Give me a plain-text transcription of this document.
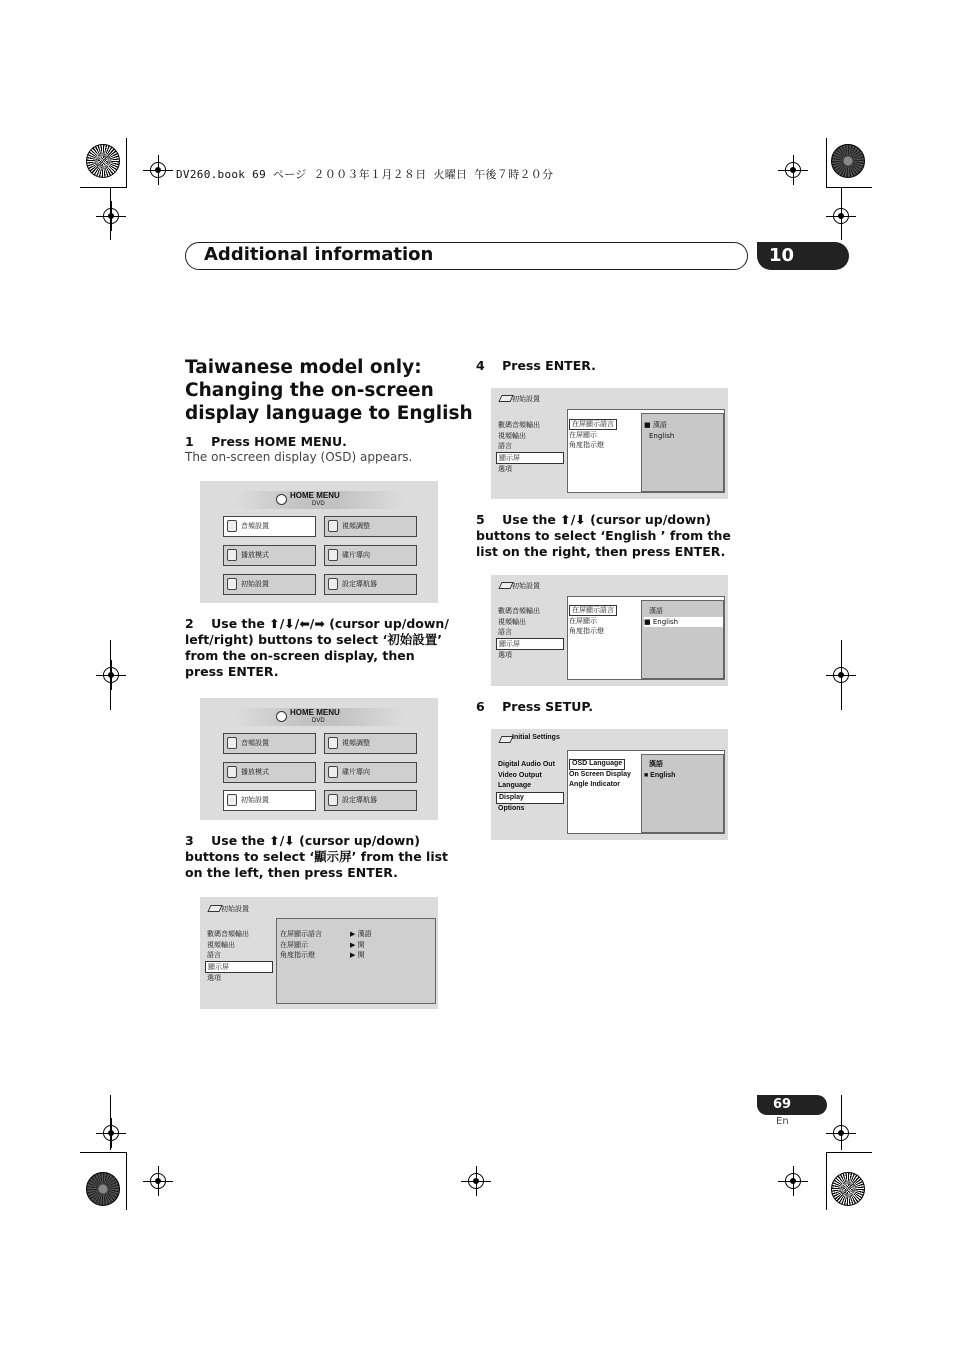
DV260.book 69 ページ ２００３年１月２８日 火曜日 午後７時２０分
Additional information	10
Taiwanese model only: Changing the on-screen display language to English
1 Press HOME MENU.
The on-screen display (OSD) appears.
HOME MENU
DVD
音頻設置	視頻調整
播放模式	碟片導向
初始設置	設定導航器
2 Use the ⬆/⬇/⬅/➡ (cursor up/down/ left/right) buttons to select ‘初始設置’ from the on-screen display, then press ENTER.
HOME MENU
DVD
音頻設置	視頻調整
播放模式	碟片導向
初始設置	設定導航器
3 Use the ⬆/⬇ (cursor up/down) buttons to select ‘顯示屏’ from the list on the left, then press ENTER.
初始設置
數碼音頻輸出
視頻輸出
語言
顯示屏
選項
在屏顯示語言
在屏顯示
角度指示燈
▶ 漢語
▶ 開
▶ 開
4 Press ENTER.
初始設置
數碼音頻輸出
視頻輸出
語言
顯示屏
選項
在屏顯示語言
在屏顯示
角度指示燈
■ 漢語
English
5 Use the ⬆/⬇ (cursor up/down) buttons to select ‘English ’ from the list on the right, then press ENTER.
初始設置
數碼音頻輸出
視頻輸出
語言
顯示屏
選項
在屏顯示語言
在屏顯示
角度指示燈
漢語
■ English
6 Press SETUP.
Initial Settings
Digital Audio Out
Video Output
Language
Display
Options
OSD Language
On Screen Display
Angle Indicator
漢語
■ English
69
En
